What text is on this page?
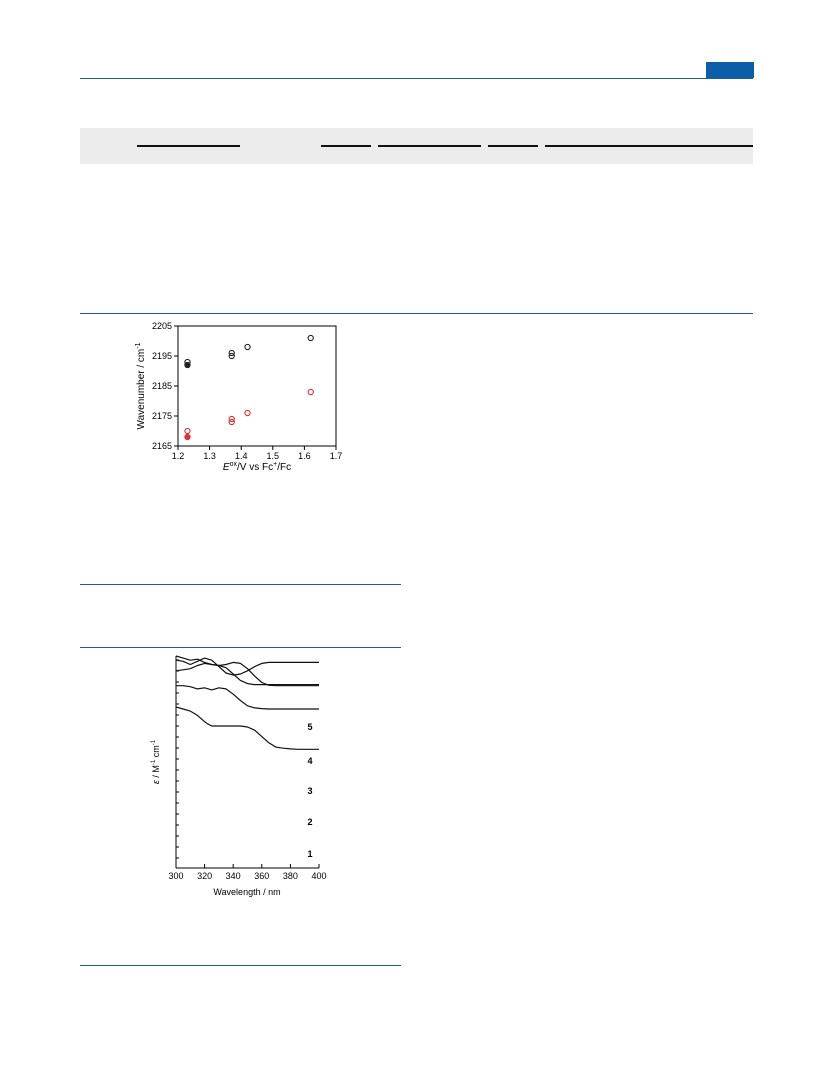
2165
2175
2185
2195
2205
1.2 1.3 1.4 1.5 1.6 1.7
Wavenumber / $cm^{-1}$
$E^{ox}/V$ vs Fc+/Fc
300 320 340 360 380 400
5
4
3
2
1
ε / $M^{-1}$ $cm^{-1}$
Wavelength / nm
